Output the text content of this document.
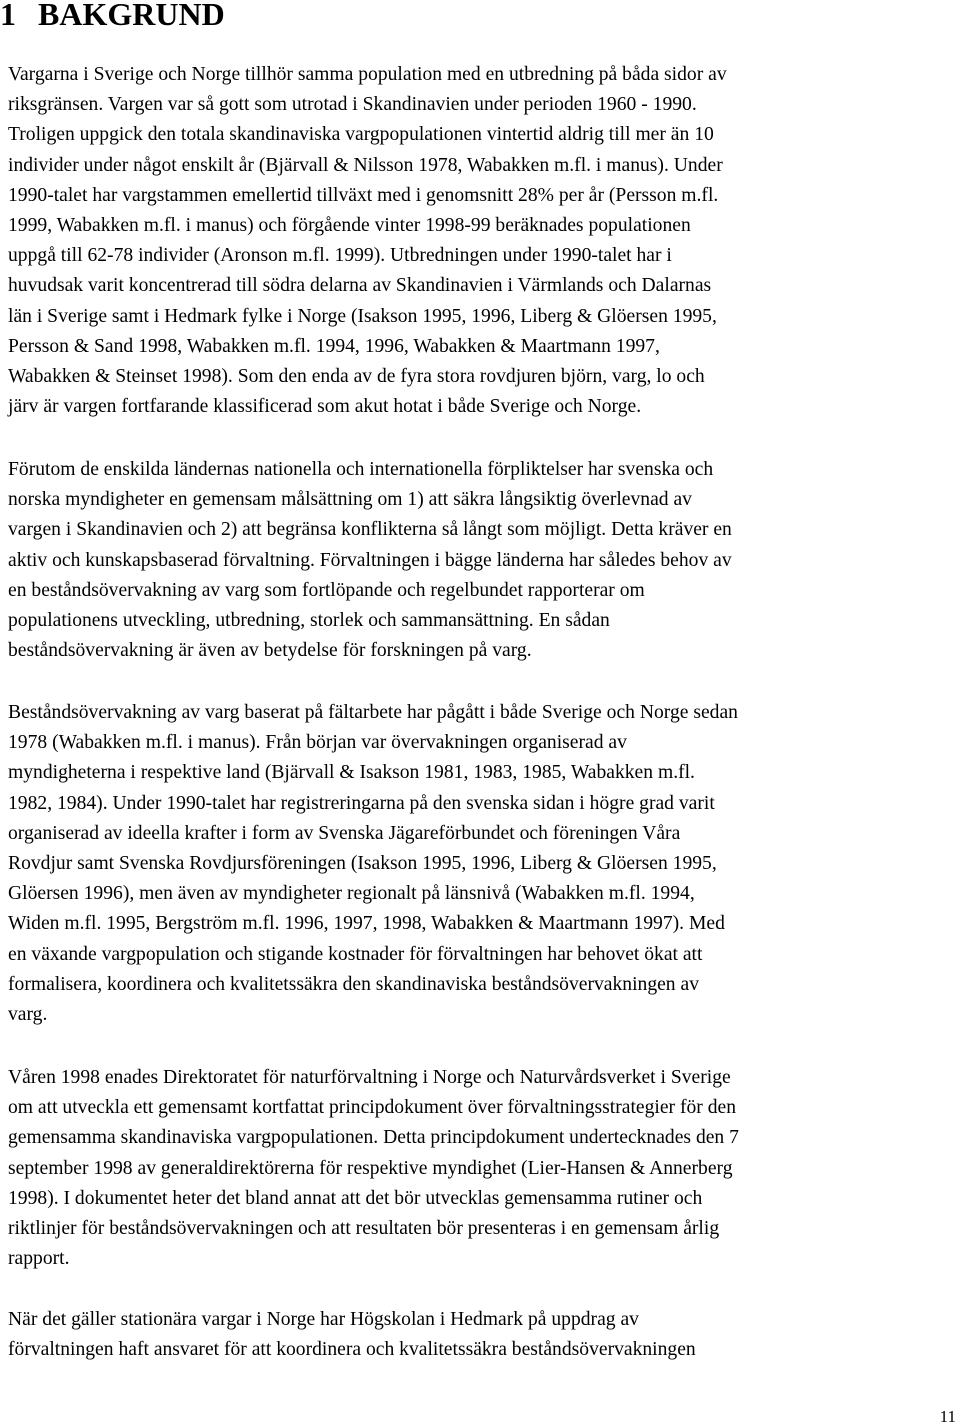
1 BAKGRUND

Vargarna i Sverige och Norge tillhör samma population med en utbredning på båda sidor av
riksgränsen. Vargen var så gott som utrotad i Skandinavien under perioden 1960 - 1990.
Troligen uppgick den totala skandinaviska vargpopulationen vintertid aldrig till mer än 10
individer under något enskilt år (Bjärvall & Nilsson 1978, Wabakken m.fl. i manus). Under
1990-talet har vargstammen emellertid tillväxt med i genomsnitt 28% per år (Persson m.fl.
1999, Wabakken m.fl. i manus) och förgående vinter 1998-99 beräknades populationen
uppgå till 62-78 individer (Aronson m.fl. 1999). Utbredningen under 1990-talet har i
huvudsak varit koncentrerad till södra delarna av Skandinavien i Värmlands och Dalarnas
län i Sverige samt i Hedmark fylke i Norge (Isakson 1995, 1996, Liberg & Glöersen 1995,
Persson & Sand 1998, Wabakken m.fl. 1994, 1996, Wabakken & Maartmann 1997,
Wabakken & Steinset 1998). Som den enda av de fyra stora rovdjuren björn, varg, lo och
järv är vargen fortfarande klassificerad som akut hotat i både Sverige och Norge.

Förutom de enskilda ländernas nationella och internationella förpliktelser har svenska och
norska myndigheter en gemensam målsättning om 1) att säkra långsiktig överlevnad av
vargen i Skandinavien och 2) att begränsa konflikterna så långt som möjligt. Detta kräver en
aktiv och kunskapsbaserad förvaltning. Förvaltningen i bägge länderna har således behov av
en beståndsövervakning av varg som fortlöpande och regelbundet rapporterar om
populationens utveckling, utbredning, storlek och sammansättning. En sådan
beståndsövervakning är även av betydelse för forskningen på varg.

Beståndsövervakning av varg baserat på fältarbete har pågått i både Sverige och Norge sedan
1978 (Wabakken m.fl. i manus). Från början var övervakningen organiserad av
myndigheterna i respektive land (Bjärvall & Isakson 1981, 1983, 1985, Wabakken m.fl.
1982, 1984). Under 1990-talet har registreringarna på den svenska sidan i högre grad varit
organiserad av ideella krafter i form av Svenska Jägareförbundet och föreningen Våra
Rovdjur samt Svenska Rovdjursföreningen (Isakson 1995, 1996, Liberg & Glöersen 1995,
Glöersen 1996), men även av myndigheter regionalt på länsnivå (Wabakken m.fl. 1994,
Widen m.fl. 1995, Bergström m.fl. 1996, 1997, 1998, Wabakken & Maartmann 1997). Med
en växande vargpopulation och stigande kostnader för förvaltningen har behovet ökat att
formalisera, koordinera och kvalitetssäkra den skandinaviska beståndsövervakningen av
varg.

Våren 1998 enades Direktoratet för naturförvaltning i Norge och Naturvårdsverket i Sverige
om att utveckla ett gemensamt kortfattat principdokument över förvaltningsstrategier för den
gemensamma skandinaviska vargpopulationen. Detta principdokument undertecknades den 7
september 1998 av generaldirektörerna för respektive myndighet (Lier-Hansen & Annerberg
1998). I dokumentet heter det bland annat att det bör utvecklas gemensamma rutiner och
riktlinjer för beståndsövervakningen och att resultaten bör presenteras i en gemensam årlig
rapport.

När det gäller stationära vargar i Norge har Högskolan i Hedmark på uppdrag av
förvaltningen haft ansvaret för att koordinera och kvalitetssäkra beståndsövervakningen

11
